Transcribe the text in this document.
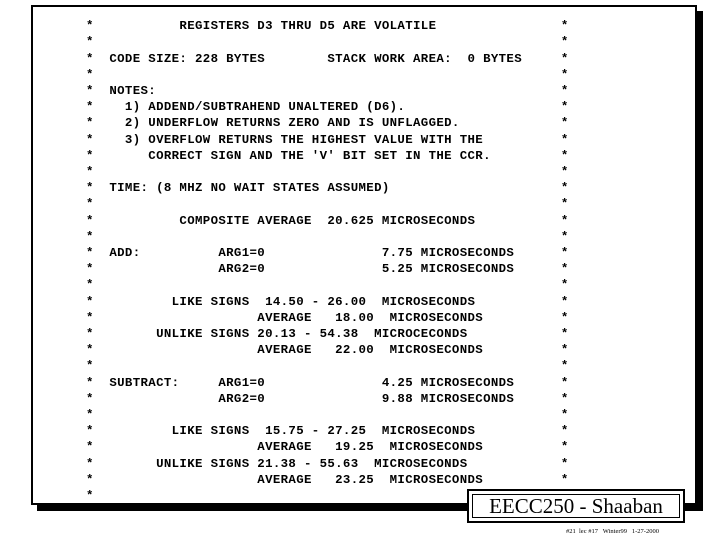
*           REGISTERS D3 THRU D5 ARE VOLATILE                *
*                                                            *
*  CODE SIZE: 228 BYTES        STACK WORK AREA:  0 BYTES     *
*                                                            *
*  NOTES:                                                    *
*    1) ADDEND/SUBTRAHEND UNALTERED (D6).                    *
*    2) UNDERFLOW RETURNS ZERO AND IS UNFLAGGED.             *
*    3) OVERFLOW RETURNS THE HIGHEST VALUE WITH THE          *
*       CORRECT SIGN AND THE 'V' BIT SET IN THE CCR.         *
*                                                            *
*  TIME: (8 MHZ NO WAIT STATES ASSUMED)                      *
*                                                            *
*           COMPOSITE AVERAGE  20.625 MICROSECONDS           *
*                                                            *
*  ADD:          ARG1=0               7.75 MICROSECONDS      *
*                ARG2=0               5.25 MICROSECONDS      *
*                                                            *
*          LIKE SIGNS  14.50 - 26.00  MICROSECONDS           *
*                     AVERAGE   18.00  MICROSECONDS          *
*        UNLIKE SIGNS 20.13 - 54.38  MICROCECONDS            *
*                     AVERAGE   22.00  MICROSECONDS          *
*                                                            *
*  SUBTRACT:     ARG1=0               4.25 MICROSECONDS      *
*                ARG2=0               9.88 MICROSECONDS      *
*                                                            *
*          LIKE SIGNS  15.75 - 27.25  MICROSECONDS           *
*                     AVERAGE   19.25  MICROSECONDS          *
*        UNLIKE SIGNS 21.38 - 55.63  MICROSECONDS            *
*                     AVERAGE   23.25  MICROSECONDS          *
*	EECC250 - Shaaban
#21  lec #17   Winter99   1-27-2000
